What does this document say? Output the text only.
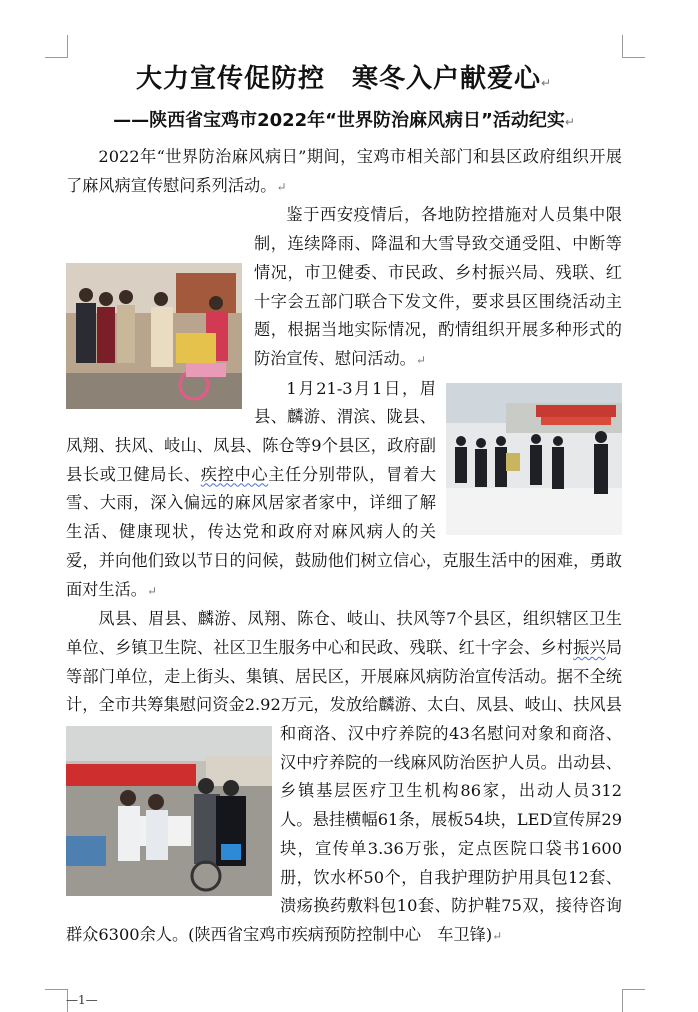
大力宣传促防控　寒冬入户献爱心↵
——陕西省宝鸡市2022年“世界防治麻风病日”活动纪实↵

2022年“世界防治麻风病日”期间，宝鸡市相关部门和县区政府组织开展了麻风病宣传慰问系列活动。↵

鉴于西安疫情后，各地防控措施对人员集中限制，连续降雨、降温和大雪导致交通受阻、中断等情况，市卫健委、市民政、乡村振兴局、残联、红十字会五部门联合下发文件，要求县区围绕活动主题，根据当地实际情况，酌情组织开展多种形式的防治宣传、慰问活动。↵

1月21-3月1日，眉县、麟游、渭滨、陇县、凤翔、扶风、岐山、凤县、陈仓等9个县区，政府副县长或卫健局长、疾控中心主任分别带队，冒着大雪、大雨，深入偏远的麻风居家者家中，详细了解生活、健康现状，传达党和政府对麻风病人的关爱，并向他们致以节日的问候，鼓励他们树立信心，克服生活中的困难，勇敢面对生活。↵

凤县、眉县、麟游、凤翔、陈仓、岐山、扶风等7个县区，组织辖区卫生单位、乡镇卫生院、社区卫生服务中心和民政、残联、红十字会、乡村振兴局等部门单位，走上街头、集镇、居民区，开展麻风病防治宣传活动。据不全统计，全市共筹集慰问资金2.92万元，发放给麟游、太白、凤县、岐山、扶风县和商洛、汉中疗养院的43名
慰问对象和商洛、汉中疗养院的一线麻风防治医护人员。出动县、乡镇基层医疗卫生机构86家，出动人员312人。悬挂横幅61条，展板54块，LED宣传屏29块，宣传单3.36万张，定点医院口袋书1600册，饮水杯50个，自我护理防护用具包12套、溃疡换药敷料包10套、防护鞋75双，接待咨询群众6300余人。(陕西省宝鸡市疾病预防控制中心　车卫锋)↵

—1—
